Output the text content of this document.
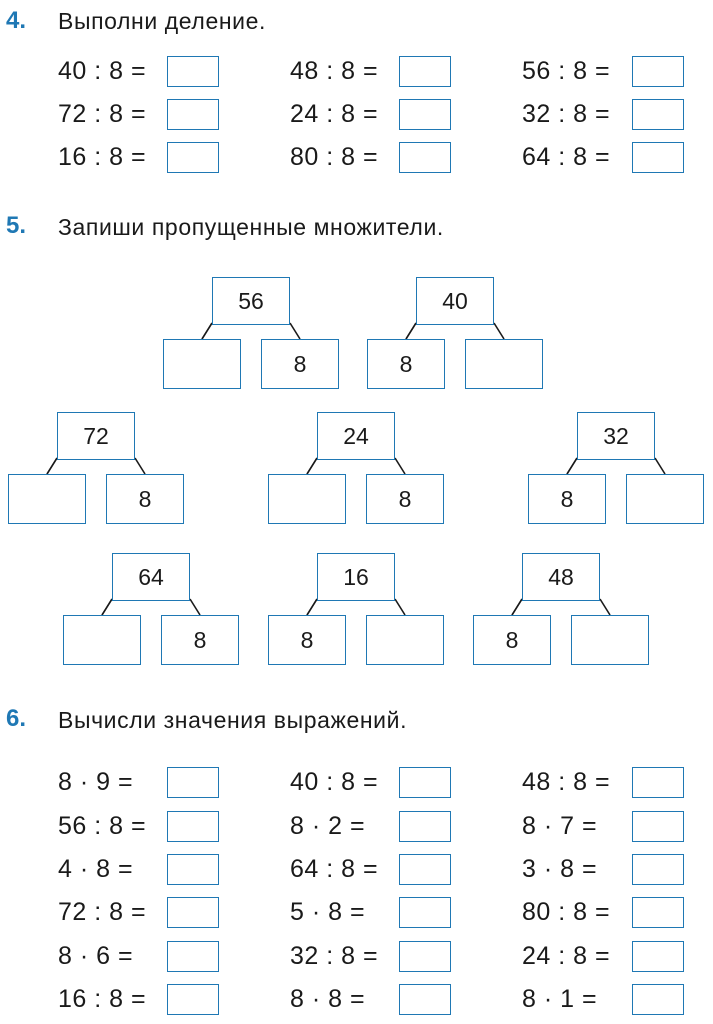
4. Выполни деление.
40 : 8 =	48 : 8 =	56 : 8 =
72 : 8 =	24 : 8 =	32 : 8 =
16 : 8 =	80 : 8 =	64 : 8 =
5. Запиши пропущенные множители.
56
8
40
8
72
8
24
8
32
8
64
8
16
8
48
8
6. Вычисли значения выражений.
8 · 9 =	40 : 8 =	48 : 8 =
56 : 8 =	8 · 2 =	8 · 7 =
4 · 8 =	64 : 8 =	3 · 8 =
72 : 8 =	5 · 8 =	80 : 8 =
8 · 6 =	32 : 8 =	24 : 8 =
16 : 8 =	8 · 8 =	8 · 1 =
